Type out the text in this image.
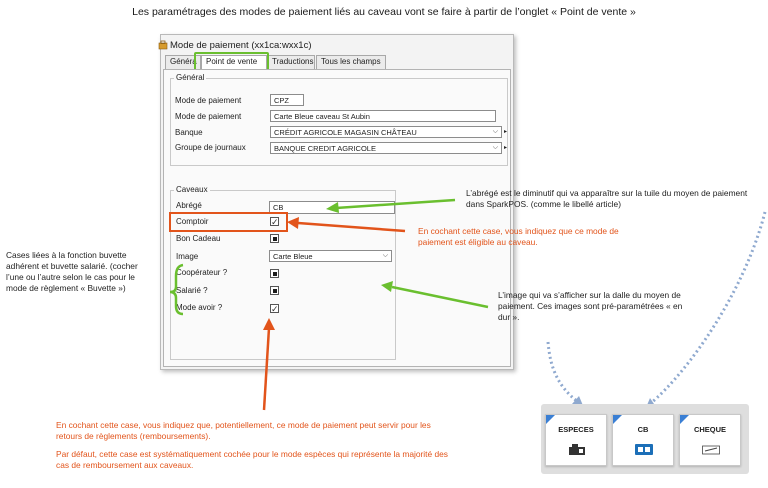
Les paramétrages des modes de paiement liés au caveau vont se faire à partir de l’onglet « Point de vente »
Mode de paiement (xx1ca:wxx1c)
Généra	Point de vente	Traductions Tous les champs
Général
Mode de paiement	CPZ
Mode de paiement	Carte Bleue caveau St Aubin
Banque	CRÉDIT AGRICOLE MAGASIN CHÂTEAU	⌵ ▸
Groupe de journaux	BANQUE CREDIT AGRICOLE	⌵ ▸
Caveaux
Abrégé	CB
Comptoir	✓
Bon Cadeau
Image	Carte Bleue	⌵
Coopérateur ?
Salarié ?
Mode avoir ?	✓
Cases liées à la fonction buvette adhérent et buvette salarié. (cocher l’une ou l’autre selon le cas pour le mode de règlement « Buvette »)
L’abrégé est le diminutif qui va apparaître sur la tuile du moyen de paiement dans SparkPOS. (comme le libellé article)
En cochant cette case, vous indiquez que ce mode de paiement est éligible au caveau.
L’image qui va s’afficher sur la dalle du moyen de paiement. Ces images sont pré-paramétrées « en dur ».
En cochant cette case, vous indiquez que, potentiellement, ce mode de paiement peut servir pour les retours de règlements (remboursements).
Par défaut, cette case est systématiquement cochée pour le mode espèces qui représente la majorité des cas de remboursement aux caveaux.
ESPECES	CB	CHEQUE
